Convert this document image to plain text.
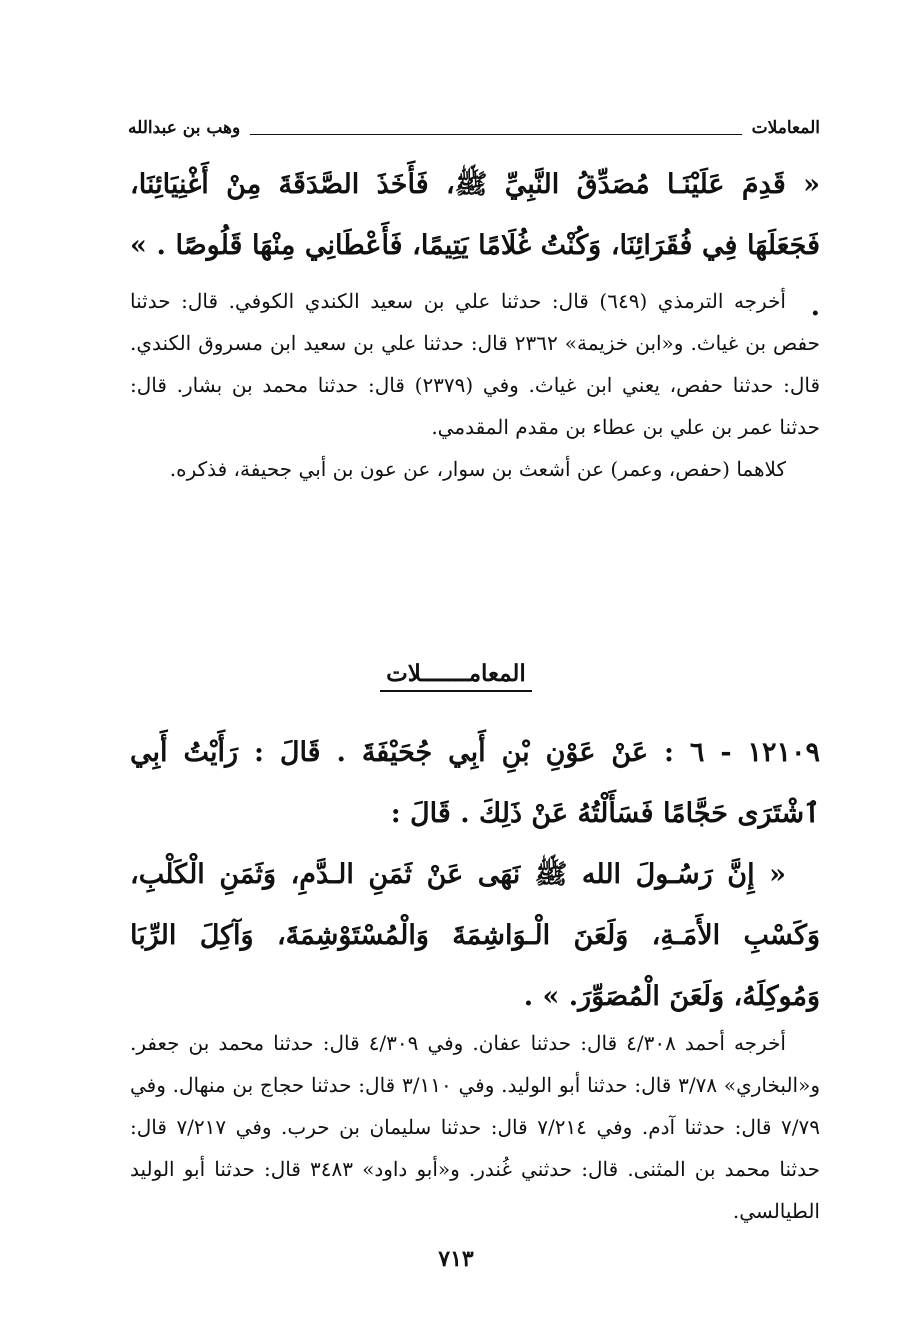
المعاملات
وهب بن عبدالله
« قَدِمَ عَلَيْنَـا مُصَدِّقُ النَّبِيِّ ﷺ، فَأَخَذَ الصَّدَقَةَ مِنْ أَغْنِيَائِنَا، فَجَعَلَهَا فِي فُقَرَائِنَا، وَكُنْتُ غُلَامًا يَتِيمًا، فَأَعْطَانِي مِنْهَا قَلُوصًا . » .
أخرجه الترمذي (٦٤٩) قال: حدثنا علي بن سعيد الكندي الكوفي. قال: حدثنا حفص بن غياث. و«ابن خزيمة» ٢٣٦٢ قال: حدثنا علي بن سعيد ابن مسروق الكندي. قال: حدثنا حفص، يعني ابن غياث. وفي (٢٣٧٩) قال: حدثنا محمد بن بشار. قال: حدثنا عمر بن علي بن عطاء بن مقدم المقدمي.
كلاهما (حفص، وعمر) عن أشعث بن سوار، عن عون بن أبي جحيفة، فذكره.
المعامـــــــلات
١٢١٠٩ - ٦ : عَنْ عَوْنِ بْنِ أَبِي جُحَيْفَةَ . قَالَ : رَأَيْتُ أَبِي ٱشْتَرَى حَجَّامًا فَسَأَلْتُهُ عَنْ ذَلِكَ . قَالَ :
« إِنَّ رَسُـولَ الله ﷺ نَهَى عَنْ ثَمَنِ الـدَّمِ، وَثَمَنِ الْكَلْبِ، وَكَسْبِ الأَمَـةِ، وَلَعَنَ الْـوَاشِمَةَ وَالْمُسْتَوْشِمَةَ، وَآكِلَ الرِّبَا وَمُوكِلَهُ، وَلَعَنَ الْمُصَوِّرَ. » .
أخرجه أحمد ٤/٣٠٨ قال: حدثنا عفان. وفي ٤/٣٠٩ قال: حدثنا محمد بن جعفر. و«البخاري» ٣/٧٨ قال: حدثنا أبو الوليد. وفي ٣/١١٠ قال: حدثنا حجاج بن منهال. وفي ٧/٧٩ قال: حدثنا آدم. وفي ٧/٢١٤ قال: حدثنا سليمان بن حرب. وفي ٧/٢١٧ قال: حدثنا محمد بن المثنى. قال: حدثني غُندر. و«أبو داود» ٣٤٨٣ قال: حدثنا أبو الوليد الطيالسي.
٧١٣
